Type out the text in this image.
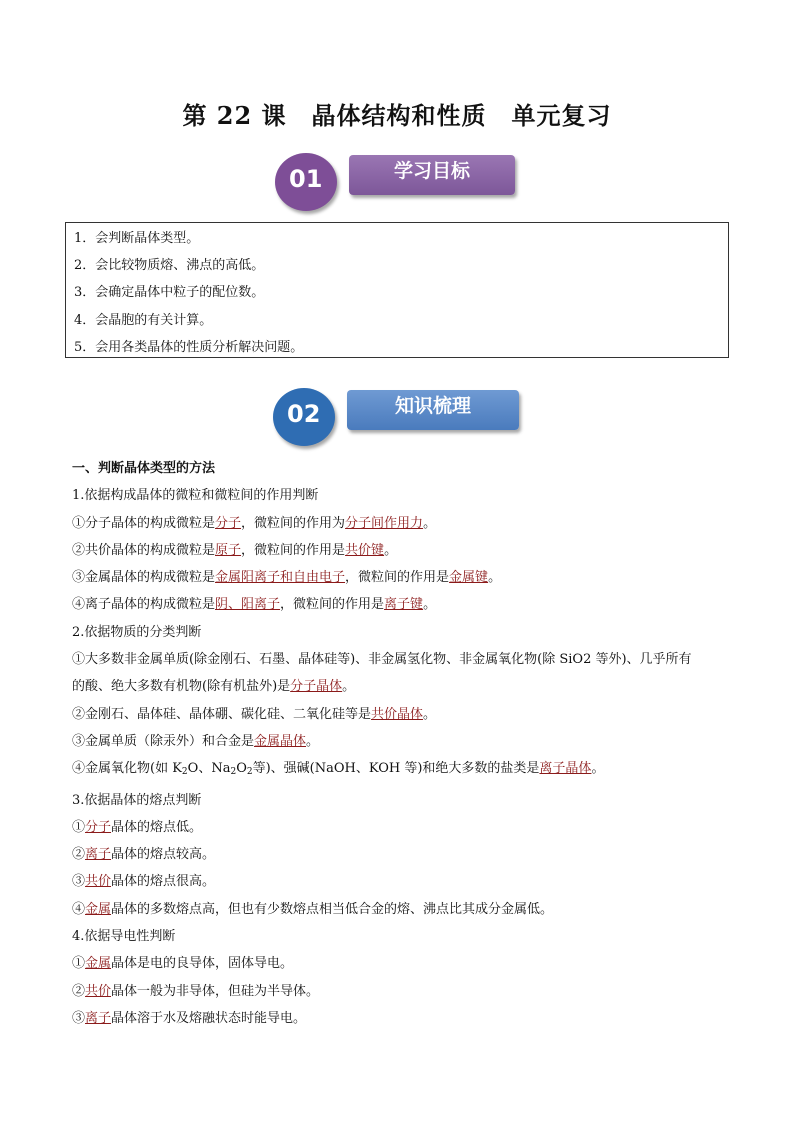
第 22 课　晶体结构和性质　单元复习
01	学习目标
1．会判断晶体类型。
2．会比较物质熔、沸点的高低。
3．会确定晶体中粒子的配位数。
4．会晶胞的有关计算。
5．会用各类晶体的性质分析解决问题。
02	知识梳理
一、判断晶体类型的方法
1.依据构成晶体的微粒和微粒间的作用判断
①分子晶体的构成微粒是分子，微粒间的作用为分子间作用力。
②共价晶体的构成微粒是原子，微粒间的作用是共价键。
③金属晶体的构成微粒是金属阳离子和自由电子，微粒间的作用是金属键。
④离子晶体的构成微粒是阴、阳离子，微粒间的作用是离子键。
2.依据物质的分类判断
①大多数非金属单质(除金刚石、石墨、晶体硅等)、非金属氢化物、非金属氧化物(除 SiO2 等外)、几乎所有
的酸、绝大多数有机物(除有机盐外)是分子晶体。
②金刚石、晶体硅、晶体硼、碳化硅、二氧化硅等是共价晶体。
③金属单质（除汞外）和合金是金属晶体。
④金属氧化物(如 $K_2O$、$Na_2O_2$等)、强碱(NaOH、KOH 等)和绝大多数的盐类是离子晶体。
3.依据晶体的熔点判断
①分子晶体的熔点低。
②离子晶体的熔点较高。
③共价晶体的熔点很高。
④金属晶体的多数熔点高，但也有少数熔点相当低合金的熔、沸点比其成分金属低。
4.依据导电性判断
①金属晶体是电的良导体，固体导电。
②共价晶体一般为非导体，但硅为半导体。
③离子晶体溶于水及熔融状态时能导电。
